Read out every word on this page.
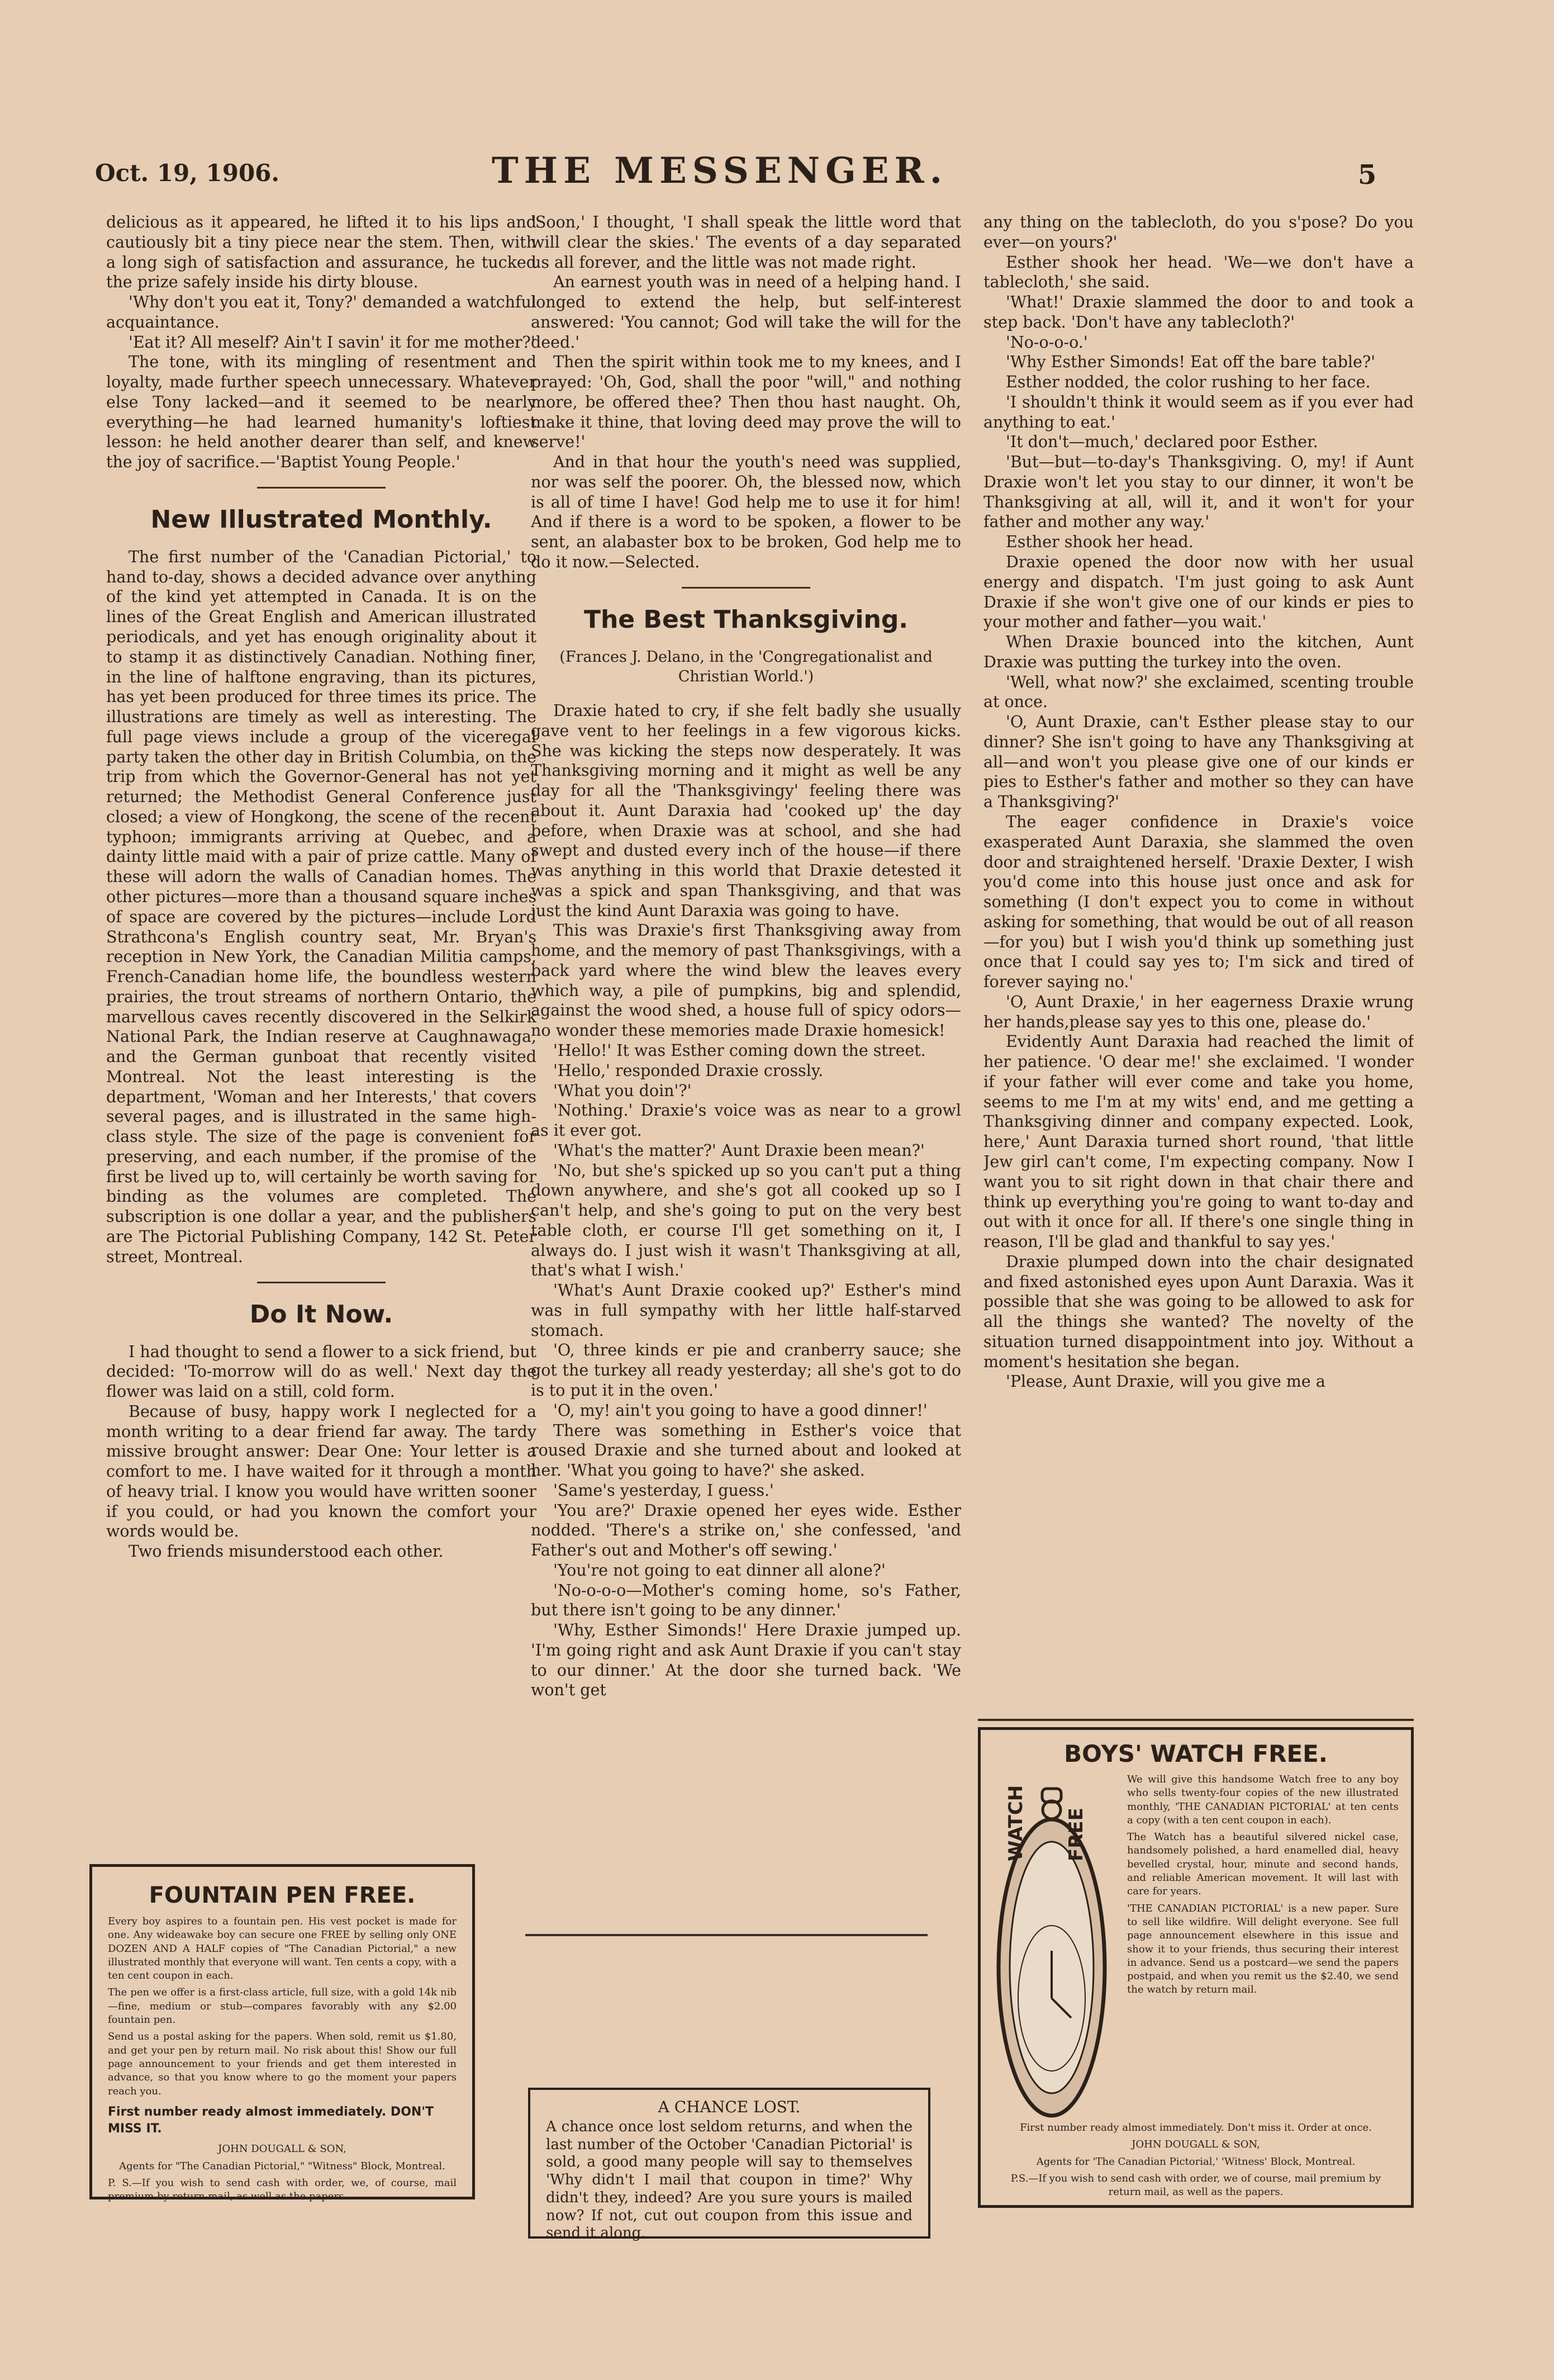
Oct. 19, 1906.	THE MESSENGER.	5

delicious as it appeared, he lifted it to his lips and cautiously bit a tiny piece near the stem. Then, with a long sigh of satisfaction and assurance, he tucked the prize safely inside his dirty blouse.

'Why don't you eat it, Tony?' demanded a watchful acquaintance.

'Eat it? All meself? Ain't I savin' it for me mother?'

The tone, with its mingling of resentment and loyalty, made further speech unnecessary. Whatever else Tony lacked—and it seemed to be nearly everything—he had learned humanity's loftiest lesson: he held another dearer than self, and knew the joy of sacrifice.—'Baptist Young People.'

New Illustrated Monthly.

The first number of the 'Canadian Pictorial,' to hand to-day, shows a decided advance over anything of the kind yet attempted in Canada. It is on the lines of the Great English and American illustrated periodicals, and yet has enough originality about it to stamp it as distinctively Canadian. Nothing finer, in the line of halftone engraving, than its pictures, has yet been produced for three times its price. The illustrations are timely as well as interesting. The full page views include a group of the viceregal party taken the other day in British Columbia, on the trip from which the Governor-General has not yet returned; the Methodist General Conference just closed; a view of Hongkong, the scene of the recent typhoon; immigrants arriving at Quebec, and a dainty little maid with a pair of prize cattle. Many of these will adorn the walls of Canadian homes. The other pictures—more than a thousand square inches of space are covered by the pictures—include Lord Strathcona's English country seat, Mr. Bryan's reception in New York, the Canadian Militia camps, French-Canadian home life, the boundless western prairies, the trout streams of northern Ontario, the marvellous caves recently discovered in the Selkirk National Park, the Indian reserve at Caughnawaga, and the German gunboat that recently visited Montreal. Not the least interesting is the department, 'Woman and her Interests,' that covers several pages, and is illustrated in the same high-class style. The size of the page is convenient for preserving, and each number, if the promise of the first be lived up to, will certainly be worth saving for binding as the volumes are completed. The subscription is one dollar a year, and the publishers are The Pictorial Publishing Company, 142 St. Peter street, Montreal.

Do It Now.

I had thought to send a flower to a sick friend, but decided: 'To-morrow will do as well.' Next day the flower was laid on a still, cold form.

Because of busy, happy work I neglected for a month writing to a dear friend far away. The tardy missive brought answer: Dear One: Your letter is a comfort to me. I have waited for it through a month of heavy trial. I know you would have written sooner if you could, or had you known the comfort your words would be.

Two friends misunderstood each other.

'Soon,' I thought, 'I shall speak the little word that will clear the skies.' The events of a day separated us all forever, and the little was not made right.

An earnest youth was in need of a helping hand. I longed to extend the help, but self-interest answered: 'You cannot; God will take the will for the deed.'

Then the spirit within took me to my knees, and I prayed: 'Oh, God, shall the poor "will," and nothing more, be offered thee? Then thou hast naught. Oh, make it thine, that loving deed may prove the will to serve!'

And in that hour the youth's need was supplied, nor was self the poorer. Oh, the blessed now, which is all of time I have! God help me to use it for him! And if there is a word to be spoken, a flower to be sent, an alabaster box to be broken, God help me to do it now.—Selected.

The Best Thanksgiving.
(Frances J. Delano, in the 'Congregationalist and Christian World.')

Draxie hated to cry, if she felt badly she usually gave vent to her feelings in a few vigorous kicks. She was kicking the steps now desperately. It was Thanksgiving morning and it might as well be any day for all the 'Thanksgivingy' feeling there was about it. Aunt Daraxia had 'cooked up' the day before, when Draxie was at school, and she had swept and dusted every inch of the house—if there was anything in this world that Draxie detested it was a spick and span Thanksgiving, and that was just the kind Aunt Daraxia was going to have.

This was Draxie's first Thanksgiving away from home, and the memory of past Thanksgivings, with a back yard where the wind blew the leaves every which way, a pile of pumpkins, big and splendid, against the wood shed, a house full of spicy odors—no wonder these memories made Draxie homesick!

'Hello!' It was Esther coming down the street.

'Hello,' responded Draxie crossly.

'What you doin'?'

'Nothing.' Draxie's voice was as near to a growl as it ever got.

'What's the matter?' Aunt Draxie been mean?'

'No, but she's spicked up so you can't put a thing down anywhere, and she's got all cooked up so I can't help, and she's going to put on the very best table cloth, er course I'll get something on it, I always do. I just wish it wasn't Thanksgiving at all, that's what I wish.'

'What's Aunt Draxie cooked up?' Esther's mind was in full sympathy with her little half-starved stomach.

'O, three kinds er pie and cranberry sauce; she got the turkey all ready yesterday; all she's got to do is to put it in the oven.'

'O, my! ain't you going to have a good dinner!'

There was something in Esther's voice that roused Draxie and she turned about and looked at her. 'What you going to have?' she asked.

'Same's yesterday, I guess.'

'You are?' Draxie opened her eyes wide. Esther nodded. 'There's a strike on,' she confessed, 'and Father's out and Mother's off sewing.'

'You're not going to eat dinner all alone?'

'No-o-o-o—Mother's coming home, so's Father, but there isn't going to be any dinner.'

'Why, Esther Simonds!' Here Draxie jumped up. 'I'm going right and ask Aunt Draxie if you can't stay to our dinner.' At the door she turned back. 'We won't get

any thing on the tablecloth, do you s'pose? Do you ever—on yours?'

Esther shook her head. 'We—we don't have a tablecloth,' she said.

'What!' Draxie slammed the door to and took a step back. 'Don't have any tablecloth?'

'No-o-o-o.'

'Why Esther Simonds! Eat off the bare table?'

Esther nodded, the color rushing to her face.

'I shouldn't think it would seem as if you ever had anything to eat.'

'It don't—much,' declared poor Esther.

'But—but—to-day's Thanksgiving. O, my! if Aunt Draxie won't let you stay to our dinner, it won't be Thanksgiving at all, will it, and it won't for your father and mother any way.'

Esther shook her head.

Draxie opened the door now with her usual energy and dispatch. 'I'm just going to ask Aunt Draxie if she won't give one of our kinds er pies to your mother and father—you wait.'

When Draxie bounced into the kitchen, Aunt Draxie was putting the turkey into the oven.

'Well, what now?' she exclaimed, scenting trouble at once.

'O, Aunt Draxie, can't Esther please stay to our dinner? She isn't going to have any Thanksgiving at all—and won't you please give one of our kinds er pies to Esther's father and mother so they can have a Thanksgiving?'

The eager confidence in Draxie's voice exasperated Aunt Daraxia, she slammed the oven door and straightened herself. 'Draxie Dexter, I wish you'd come into this house just once and ask for something (I don't expect you to come in without asking for something, that would be out of all reason—for you) but I wish you'd think up something just once that I could say yes to; I'm sick and tired of forever saying no.'

'O, Aunt Draxie,' in her eagerness Draxie wrung her hands,please say yes to this one, please do.'

Evidently Aunt Daraxia had reached the limit of her patience. 'O dear me!' she exclaimed. 'I wonder if your father will ever come and take you home, seems to me I'm at my wits' end, and me getting a Thanksgiving dinner and company expected. Look, here,' Aunt Daraxia turned short round, 'that little Jew girl can't come, I'm expecting company. Now I want you to sit right down in that chair there and think up everything you're going to want to-day and out with it once for all. If there's one single thing in reason, I'll be glad and thankful to say yes.'

Draxie plumped down into the chair designated and fixed astonished eyes upon Aunt Daraxia. Was it possible that she was going to be allowed to ask for all the things she wanted? The novelty of the situation turned disappointment into joy. Without a moment's hesitation she began.

'Please, Aunt Draxie, will you give me a

FOUNTAIN PEN FREE.

Every boy aspires to a fountain pen. His vest pocket is made for one. Any wideawake boy can secure one FREE by selling only ONE DOZEN AND A HALF copies of "The Canadian Pictorial," a new illustrated monthly that everyone will want. Ten cents a copy, with a ten cent coupon in each.

The pen we offer is a first-class article, full size, with a gold 14k nib—fine, medium or stub—compares favorably with any $2.00 fountain pen.

Send us a postal asking for the papers. When sold, remit us $1.80, and get your pen by return mail. No risk about this! Show our full page announcement to your friends and get them interested in advance, so that you know where to go the moment your papers reach you.

First number ready almost immediately. DON'T MISS IT.

JOHN DOUGALL & SON,

Agents for "The Canadian Pictorial," "Witness" Block, Montreal.

P. S.—If you wish to send cash with order, we, of course, mail premium by return mail, as well as the papers.

A CHANCE LOST.

A chance once lost seldom returns, and when the last number of the October 'Canadian Pictorial' is sold, a good many people will say to themselves 'Why didn't I mail that coupon in time?' Why didn't they, indeed? Are you sure yours is mailed now? If not, cut out coupon from this issue and send it along.

BOYS' WATCH FREE.
WATCH FREE

We will give this handsome Watch free to any boy who sells twenty-four copies of the new illustrated monthly, 'THE CANADIAN PICTORIAL' at ten cents a copy (with a ten cent coupon in each).

The Watch has a beautiful silvered nickel case, handsomely polished, a hard enamelled dial, heavy bevelled crystal, hour, minute and second hands, and reliable American movement. It will last with care for years.

'THE CANADIAN PICTORIAL' is a new paper. Sure to sell like wildfire. Will delight everyone. See full page announcement elsewhere in this issue and show it to your friends, thus securing their interest in advance. Send us a postcard—we send the papers postpaid, and when you remit us the $2.40, we send the watch by return mail.

First number ready almost immediately. Don't miss it. Order at once.

JOHN DOUGALL & SON,

Agents for 'The Canadian Pictorial,' 'Witness' Block, Montreal.

P.S.—If you wish to send cash with order, we of course, mail premium by return mail, as well as the papers.
